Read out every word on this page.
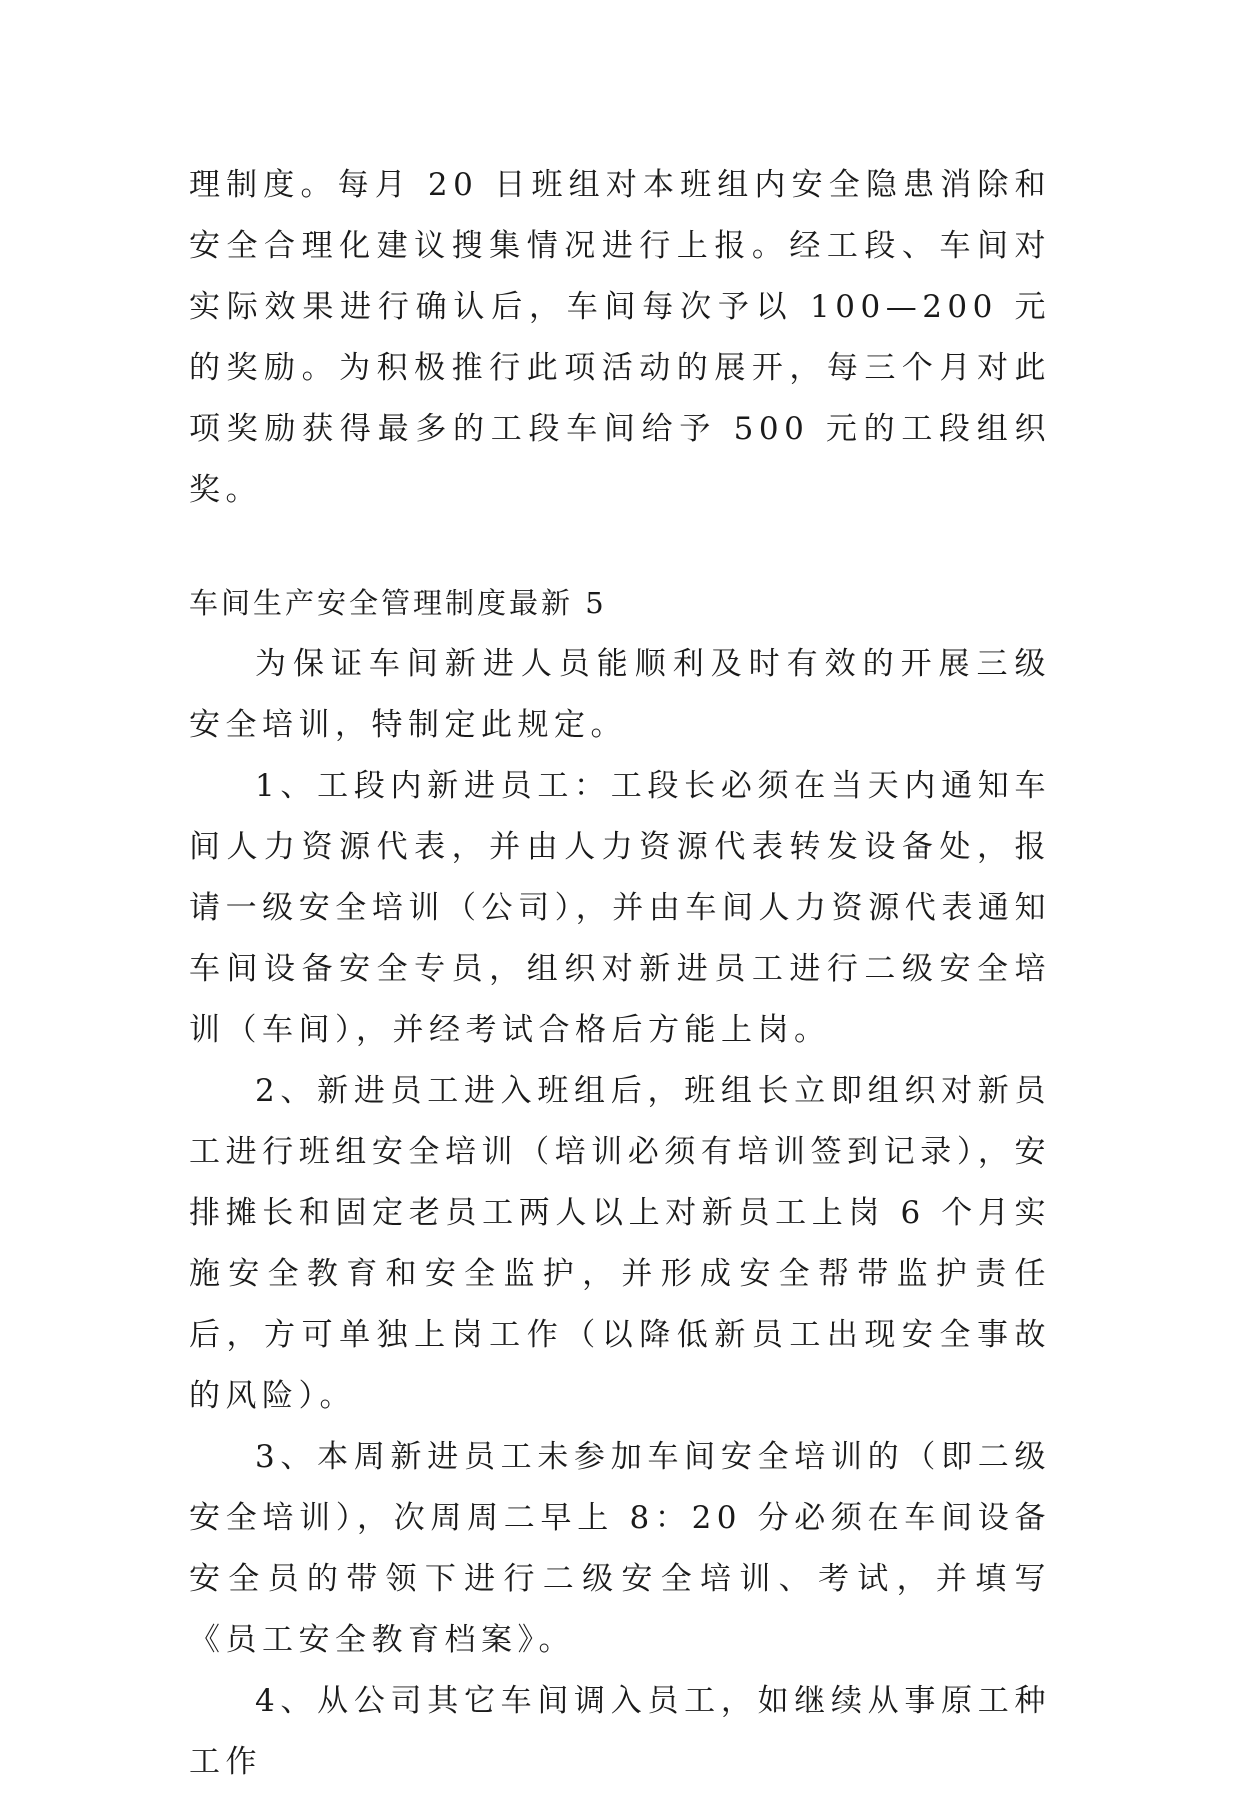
理制度。每月 20 日班组对本班组内安全隐患消除和安全合理化建议搜集情况进行上报。经工段、车间对实际效果进行确认后，车间每次予以 100—200 元的奖励。为积极推行此项活动的展开，每三个月对此项奖励获得最多的工段车间给予 500 元的工段组织奖。

车间生产安全管理制度最新 5

为保证车间新进人员能顺利及时有效的开展三级安全培训，特制定此规定。

1、工段内新进员工：工段长必须在当天内通知车间人力资源代表，并由人力资源代表转发设备处，报请一级安全培训（公司），并由车间人力资源代表通知车间设备安全专员，组织对新进员工进行二级安全培训（车间），并经考试合格后方能上岗。

2、新进员工进入班组后，班组长立即组织对新员工进行班组安全培训（培训必须有培训签到记录），安排摊长和固定老员工两人以上对新员工上岗 6 个月实施安全教育和安全监护，并形成安全帮带监护责任后，方可单独上岗工作（以降低新员工出现安全事故的风险）。

3、本周新进员工未参加车间安全培训的（即二级安全培训），次周周二早上 8：20 分必须在车间设备安全员的带领下进行二级安全培训、考试，并填写《员工安全教育档案》。

4、从公司其它车间调入员工，如继续从事原工种工作
